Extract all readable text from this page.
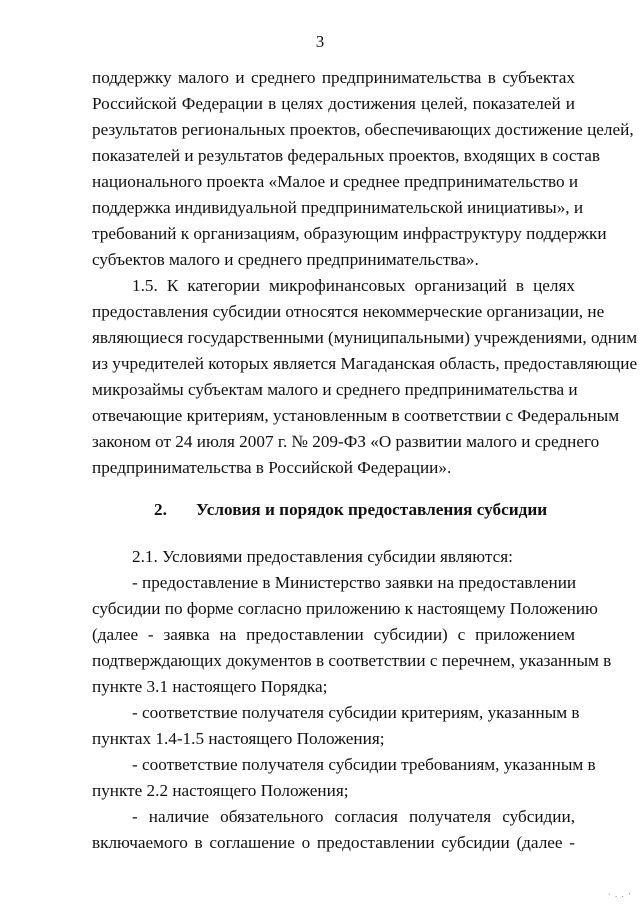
3
поддержку малого и среднего предпринимательства в субъектах
Российской Федерации в целях достижения целей, показателей и
результатов региональных проектов, обеспечивающих достижение целей,
показателей и результатов федеральных проектов, входящих в состав
национального проекта «Малое и среднее предпринимательство и
поддержка индивидуальной предпринимательской инициативы», и
требований к организациям, образующим инфраструктуру поддержки
субъектов малого и среднего предпринимательства».
1.5. К категории микрофинансовых организаций в целях
предоставления субсидии относятся некоммерческие организации, не
являющиеся государственными (муниципальными) учреждениями, одним
из учредителей которых является Магаданская область, предоставляющие
микрозаймы субъектам малого и среднего предпринимательства и
отвечающие критериям, установленным в соответствии с Федеральным
законом от 24 июля 2007 г. № 209-ФЗ «О развитии малого и среднего
предпринимательства в Российской Федерации».
2. Условия и порядок предоставления субсидии
2.1. Условиями предоставления субсидии являются:
- предоставление в Министерство заявки на предоставлении
субсидии по форме согласно приложению к настоящему Положению
(далее - заявка на предоставлении субсидии) с приложением
подтверждающих документов в соответствии с перечнем, указанным в
пункте 3.1 настоящего Порядка;
- соответствие получателя субсидии критериям, указанным в
пунктах 1.4-1.5 настоящего Положения;
- соответствие получателя субсидии требованиям, указанным в
пункте 2.2 настоящего Положения;
- наличие обязательного согласия получателя субсидии,
включаемого в соглашение о предоставлении субсидии (далее -
· . . ·
